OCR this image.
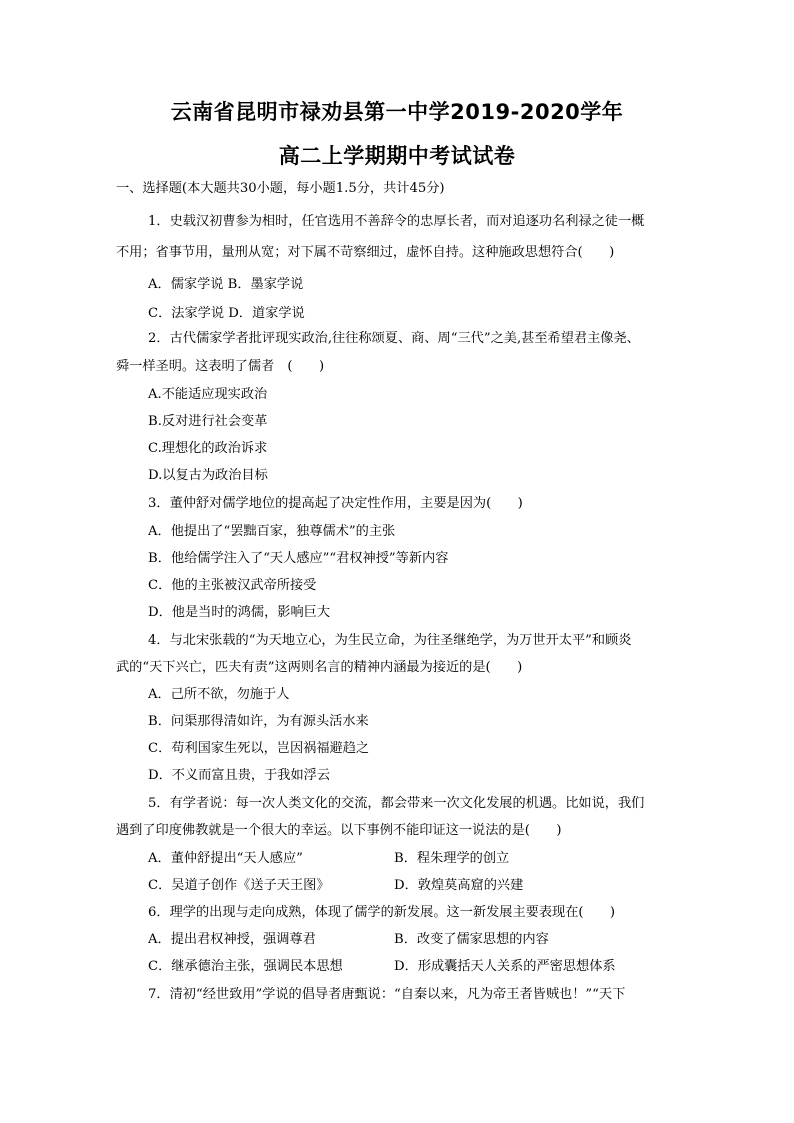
云南省昆明市禄劝县第一中学2019-2020学年
高二上学期期中考试试卷
一、选择题(本大题共30小题，每小题1.5分，共计45分)
1．史载汉初曹参为相时，任官选用不善辞令的忠厚长者，而对追逐功名利禄之徒一概
不用；省事节用，量刑从宽；对下属不苛察细过，虚怀自持。这种施政思想符合(　　)
A．儒家学说 B．墨家学说
C．法家学说 D．道家学说
2．古代儒家学者批评现实政治,往往称颂夏、商、周“三代”之美,甚至希望君主像尧、
舜一样圣明。这表明了儒者　(　　)
A.不能适应现实政治
B.反对进行社会变革
C.理想化的政治诉求
D.以复古为政治目标
3．董仲舒对儒学地位的提高起了决定性作用，主要是因为(　　)
A．他提出了“罢黜百家，独尊儒术”的主张
B．他给儒学注入了“天人感应”“君权神授”等新内容
C．他的主张被汉武帝所接受
D．他是当时的鸿儒，影响巨大
4．与北宋张载的“为天地立心，为生民立命，为往圣继绝学，为万世开太平”和顾炎
武的“天下兴亡，匹夫有责”这两则名言的精神内涵最为接近的是(　　)
A．己所不欲，勿施于人
B．问渠那得清如许，为有源头活水来
C．苟利国家生死以，岂因祸福避趋之
D．不义而富且贵，于我如浮云
5．有学者说：每一次人类文化的交流，都会带来一次文化发展的机遇。比如说，我们
遇到了印度佛教就是一个很大的幸运。以下事例不能印证这一说法的是(　　)
A．董仲舒提出“天人感应”	B．程朱理学的创立
C．吴道子创作《送子天王图》	D．敦煌莫高窟的兴建
6．理学的出现与走向成熟，体现了儒学的新发展。这一新发展主要表现在(　　)
A．提出君权神授，强调尊君	B．改变了儒家思想的内容
C．继承德治主张，强调民本思想	D．形成囊括天人关系的严密思想体系
7．清初“经世致用”学说的倡导者唐甄说：“自秦以来，凡为帝王者皆贼也！”“天下
